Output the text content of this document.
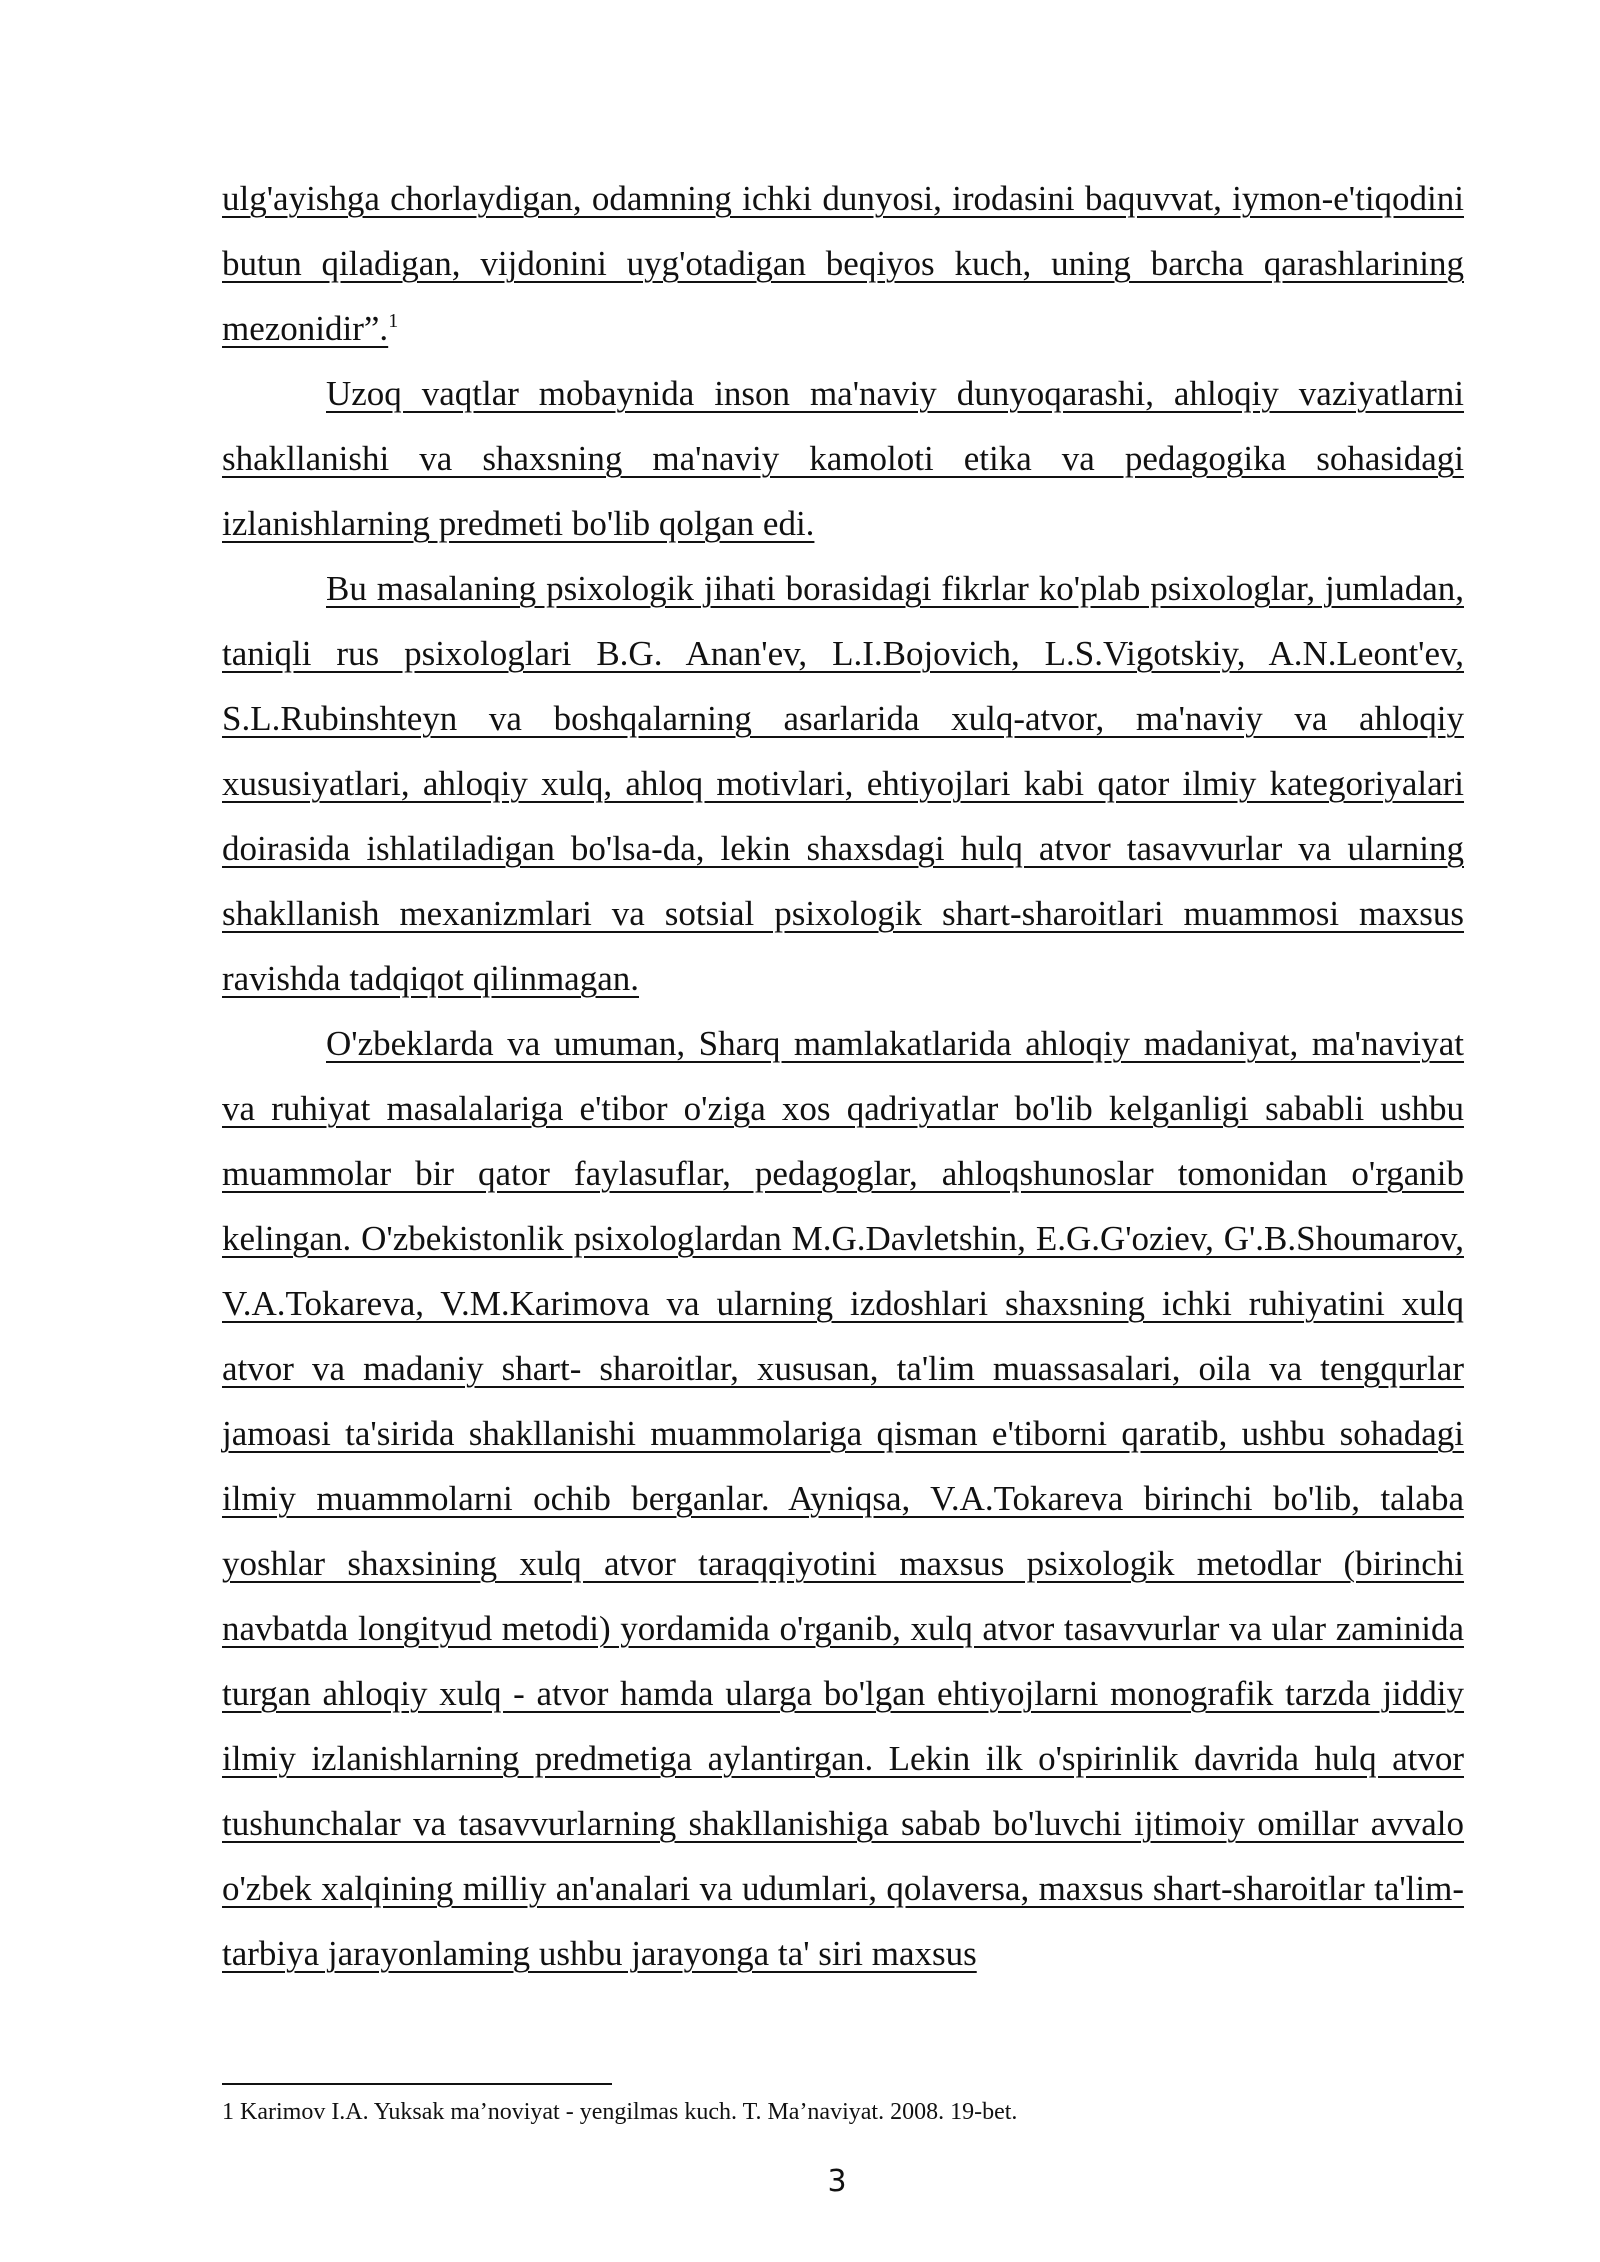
ulg'ayishga chorlaydigan, odamning ichki dunyosi, irodasini baquvvat, iymon-e'tiqodini butun qiladigan, vijdonini uyg'otadigan beqiyos kuch, uning barcha qarashlarining mezonidir”.$^1$

Uzoq vaqtlar mobaynida inson ma'naviy dunyoqarashi, ahloqiy vaziyatlarni shakllanishi va shaxsning ma'naviy kamoloti etika va pedagogika sohasidagi izlanishlarning predmeti bo'lib qolgan edi.

Bu masalaning psixologik jihati borasidagi fikrlar ko'plab psixologlar, jumladan, taniqli rus psixologlari B.G. Anan'ev, L.I.Bojovich, L.S.Vigotskiy, A.N.Leont'ev, S.L.Rubinshteyn va boshqalarning asarlarida xulq-atvor, ma'naviy va ahloqiy xususiyatlari, ahloqiy xulq, ahloq motivlari, ehtiyojlari kabi qator ilmiy kategoriyalari doirasida ishlatiladigan bo'lsa-da, lekin shaxsdagi hulq atvor tasavvurlar va ularning shakllanish mexanizmlari va sotsial psixologik shart-sharoitlari muammosi maxsus ravishda tadqiqot qilinmagan.

O'zbeklarda va umuman, Sharq mamlakatlarida ahloqiy madaniyat, ma'naviyat va ruhiyat masalalariga e'tibor o'ziga xos qadriyatlar bo'lib kelganligi sababli ushbu muammolar bir qator faylasuflar, pedagoglar, ahloqshunoslar tomonidan o'rganib kelingan. O'zbekistonlik psixologlardan M.G.Davletshin, E.G.G'oziev, G'.B.Shoumarov, V.A.Tokareva, V.M.Karimova va ularning izdoshlari shaxsning ichki ruhiyatini xulq atvor va madaniy shart- sharoitlar, xususan, ta'lim muassasalari, oila va tengqurlar jamoasi ta'sirida shakllanishi muammolariga qisman e'tiborni qaratib, ushbu sohadagi ilmiy muammolarni ochib berganlar. Ayniqsa, V.A.Tokareva birinchi bo'lib, talaba yoshlar shaxsining xulq atvor taraqqiyotini maxsus psixologik metodlar (birinchi navbatda longityud metodi) yordamida o'rganib, xulq atvor tasavvurlar va ular zaminida turgan ahloqiy xulq - atvor hamda ularga bo'lgan ehtiyojlarni monografik tarzda jiddiy ilmiy izlanishlarning predmetiga aylantirgan. Lekin ilk o'spirinlik davrida hulq atvor tushunchalar va tasavvurlarning shakllanishiga sabab bo'luvchi ijtimoiy omillar avvalo o'zbek xalqining milliy an'analari va udumlari, qolaversa, maxsus shart-sharoitlar ta'lim-tarbiya jarayonlaming ushbu jarayonga ta' siri maxsus

1 Karimov I.A. Yuksak ma’noviyat - yengilmas kuch. T. Ma’naviyat. 2008. 19-bet.
3
